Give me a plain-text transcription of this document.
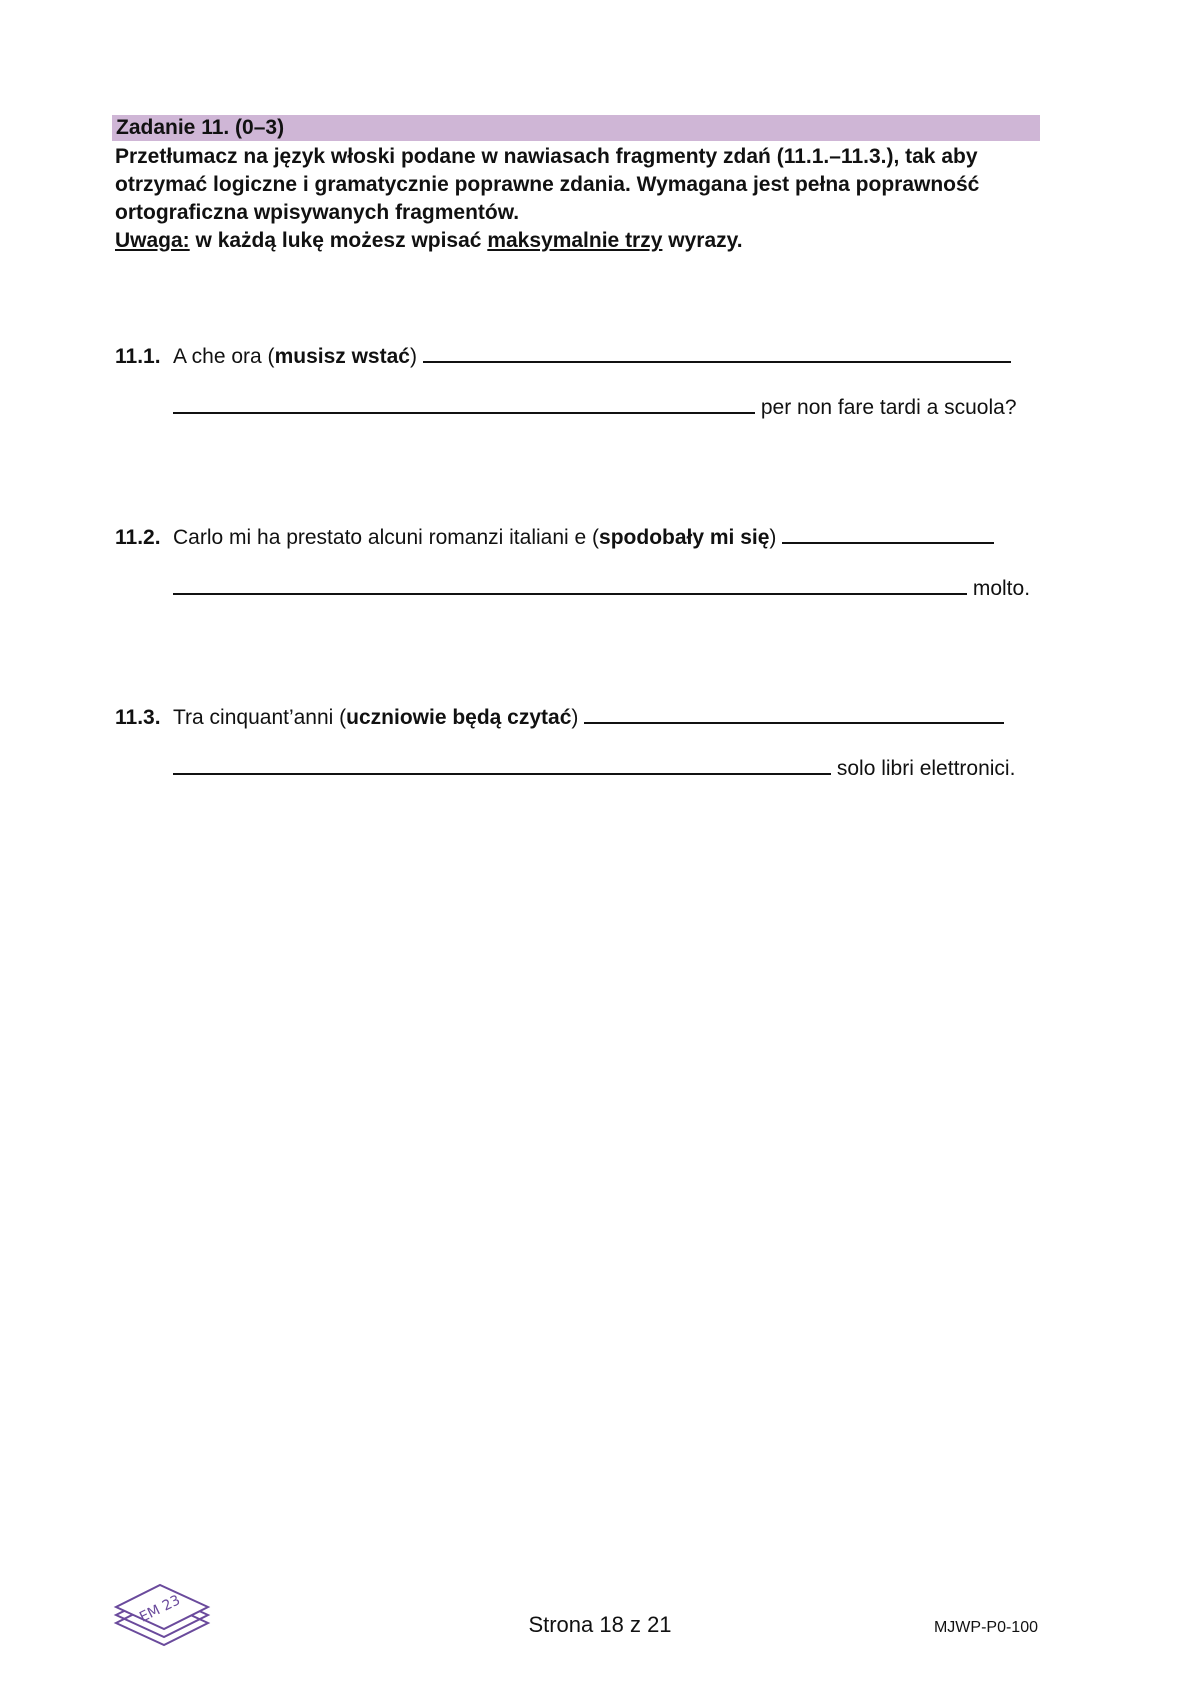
Zadanie 11. (0–3)

Przetłumacz na język włoski podane w nawiasach fragmenty zdań (11.1.–11.3.), tak aby

otrzymać logiczne i gramatycznie poprawne zdania. Wymagana jest pełna poprawność

ortograficzna wpisywanych fragmentów.

Uwaga: w każdą lukę możesz wpisać maksymalnie trzy wyrazy.

11.1. A che ora (musisz wstać)
per non fare tardi a scuola?
11.2. Carlo mi ha prestato alcuni romanzi italiani e (spodobały mi się)
molto.
11.3. Tra cinquant’anni (uczniowie będą czytać)
solo libri elettronici.
EM 23	Strona 18 z 21	MJWP-P0-100
